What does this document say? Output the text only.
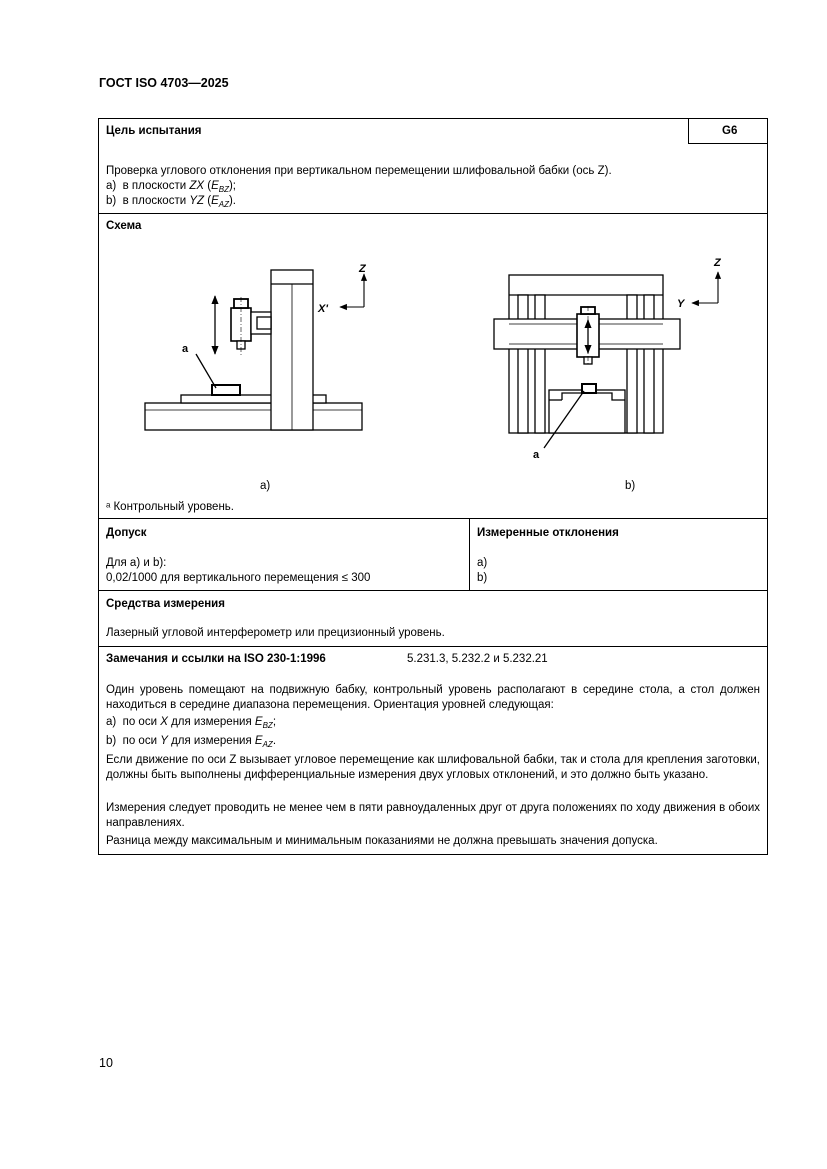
ГОСТ ISO 4703—2025
Цель испытания	G6
Проверка углового отклонения при вертикальном перемещении шлифовальной бабки (ось Z).
a)  в плоскости ZX $(E_{BZ})$;
b)  в плоскости YZ $(E_{AZ})$.
Схема
a
Z
X'
a
Z
Y
a)	b)
ᵃ Контрольный уровень.
Допуск
Для a) и b):
0,02/1000 для вертикального перемещения ≤ 300
Измеренные отклонения
a)
b)
Средства измерения
Лазерный угловой интерферометр или прецизионный уровень.
Замечания и ссылки на ISO 230-1:1996	5.231.3, 5.232.2 и 5.232.21
Один уровень помещают на подвижную бабку, контрольный уровень располагают в середине стола, а стол должен находиться в середине диапазона перемещения. Ориентация уровней следующая:
a)  по оси X для измерения $E_{BZ}$;
b)  по оси Y для измерения $E_{AZ}$.
Если движение по оси Z вызывает угловое перемещение как шлифовальной бабки, так и стола для крепления заготовки, должны быть выполнены дифференциальные измерения двух угловых отклонений, и это должно быть указано.
Измерения следует проводить не менее чем в пяти равноудаленных друг от друга положениях по ходу движения в обоих направлениях.
Разница между максимальным и минимальным показаниями не должна превышать значения допуска.
10
